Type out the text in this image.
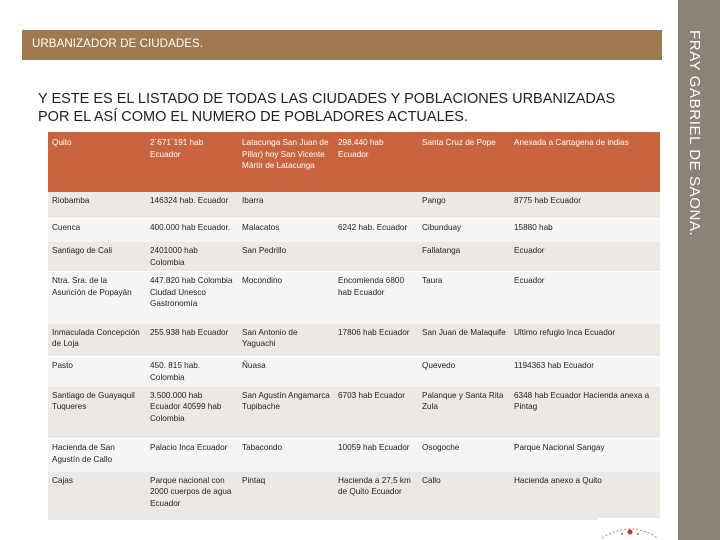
URBANIZADOR DE CIUDADES.	FRAY GABRIEL DE SAONA.
Y ESTE ES EL LISTADO DE TODAS LAS CIUDADES Y POBLACIONES URBANIZADAS
POR EL ASÍ COMO EL NUMERO DE POBLADORES ACTUALES.
Quito	2´671´191 hab Ecuador	Latacunga San Juan de Pillar) hoy San Vicente Mártir de Latacunga	298.440 hab Ecuador	Santa Cruz de Pope	Anexada a Cartagena de indias
Riobamba	146324 hab. Ecuador	Ibarra		Pango	8775 hab Ecuador
Cuenca	400.000 hab Ecuador.	Malacatos	6242 hab. Ecuador	Cibunduay	15880 hab
Santiago de Cali	2401000 hab Colombia	San Pedrillo		Fallatanga	Ecuador
Ntra. Sra. de la Asunción de Popayán	447.820 hab Colombia Ciudad Unesco Gastronomía	Mocondino	Encomienda 6800 hab Ecuador	Taura	Ecuador
Inmaculada Concepción de Loja	255.938 hab Ecuador	San Antonio de Yaguachi	17806 hab Ecuador	San Juan de Malaquife	Ultimo refugio Inca Ecuador
Pasto	450. 815 hab. Colombia	Ñuasa		Quevedo	1194363 hab Ecuador
Santiago de Guayaquil Tuqueres	3.500.000 hab Ecuador 40599 hab Colombia	San Agustín Angamarca Tupibache	6703 hab Ecuador	Palanque y Santa Rita Zula	6348 hab Ecuador Hacienda anexa a Pintag
Hacienda de San Agustín de Callo	Palacio Inca Ecuador	Tabacondo	10059 hab Ecuador	Osogoche	Parque Nacional Sangay
Cajas	Parque nacional con 2000 cuerpos de agua Ecuador	Pintaq	Hacienda a 27,5 km de Quito Ecuador	Callo	Hacienda anexo a Quito
